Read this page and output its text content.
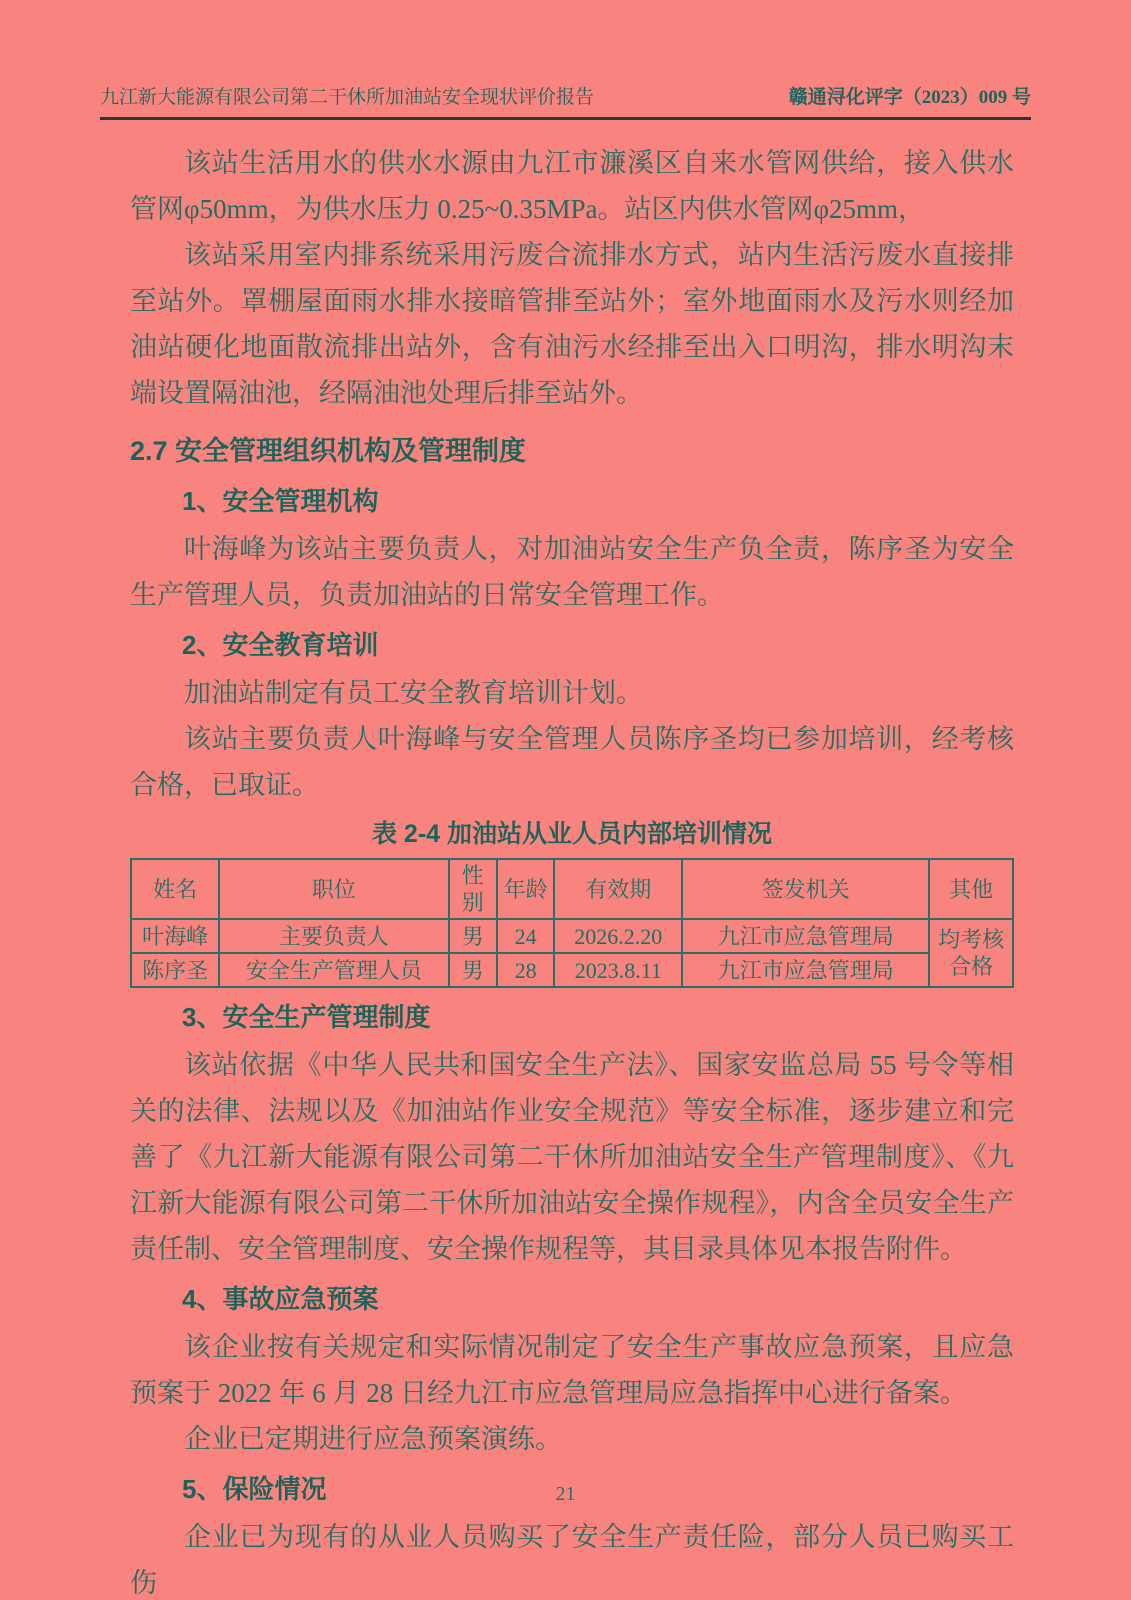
九江新大能源有限公司第二干休所加油站安全现状评价报告	赣通浔化评字（2023）009 号

该站生活用水的供水水源由九江市濂溪区自来水管网供给，接入供水管网φ50mm，为供水压力 0.25~0.35MPa。站区内供水管网φ25mm，

该站采用室内排系统采用污废合流排水方式，站内生活污废水直接排至站外。罩棚屋面雨水排水接暗管排至站外；室外地面雨水及污水则经加油站硬化地面散流排出站外，含有油污水经排至出入口明沟，排水明沟末端设置隔油池，经隔油池处理后排至站外。

2.7 安全管理组织机构及管理制度
1、安全管理机构

叶海峰为该站主要负责人，对加油站安全生产负全责，陈序圣为安全生产管理人员，负责加油站的日常安全管理工作。

2、安全教育培训

加油站制定有员工安全教育培训计划。

该站主要负责人叶海峰与安全管理人员陈序圣均已参加培训，经考核合格，已取证。

表 2-4 加油站从业人员内部培训情况
姓名	职位	性别	年龄	有效期	签发机关	其他
叶海峰	主要负责人	男	24	2026.2.20	九江市应急管理局	均考核合格
陈序圣	安全生产管理人员	男	28	2023.8.11	九江市应急管理局	
3、安全生产管理制度

该站依据《中华人民共和国安全生产法》、国家安监总局 55 号令等相关的法律、法规以及《加油站作业安全规范》等安全标准，逐步建立和完善了《九江新大能源有限公司第二干休所加油站安全生产管理制度》、《九江新大能源有限公司第二干休所加油站安全操作规程》，内含全员安全生产责任制、安全管理制度、安全操作规程等，其目录具体见本报告附件。

4、事故应急预案

该企业按有关规定和实际情况制定了安全生产事故应急预案，且应急预案于 2022 年 6 月 28 日经九江市应急管理局应急指挥中心进行备案。

企业已定期进行应急预案演练。

5、保险情况

企业已为现有的从业人员购买了安全生产责任险，部分人员已购买工伤

21
